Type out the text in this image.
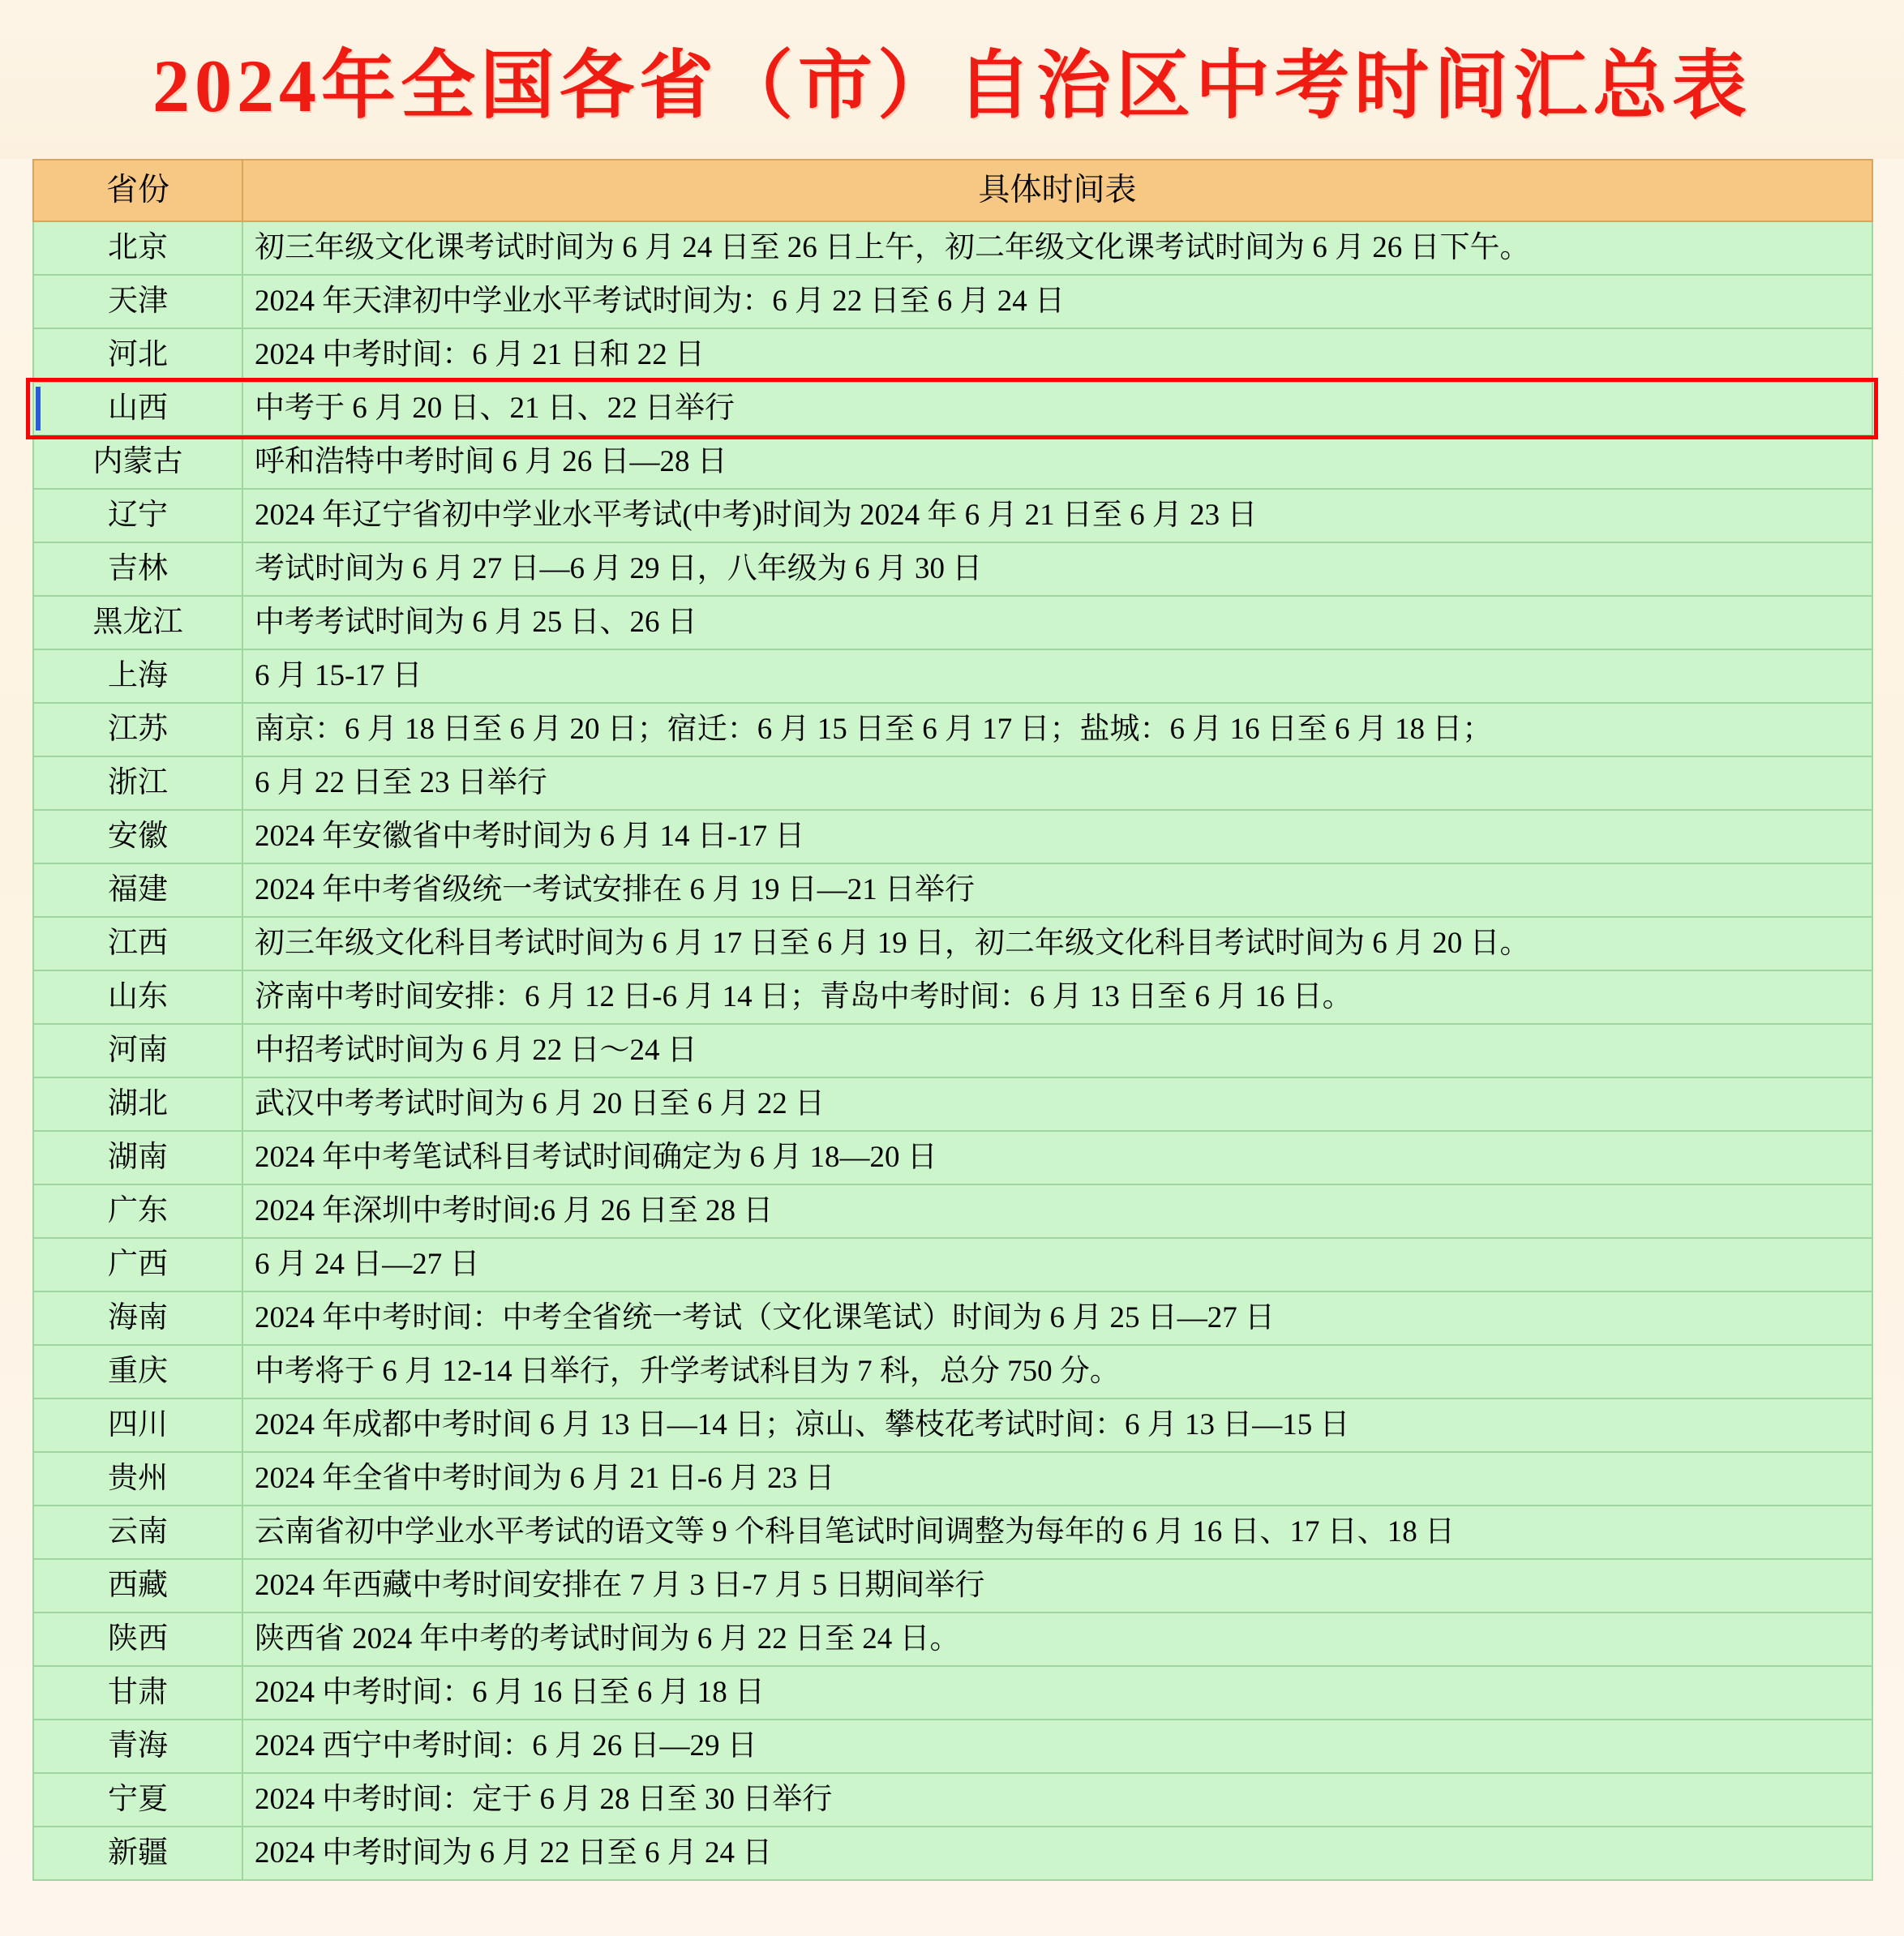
2024年全国各省（市）自治区中考时间汇总表
省份	具体时间表
北京	初三年级文化课考试时间为 6 月 24 日至 26 日上午，初二年级文化课考试时间为 6 月 26 日下午。
天津	2024 年天津初中学业水平考试时间为：6 月 22 日至 6 月 24 日
河北	2024 中考时间：6 月 21 日和 22 日
山西	中考于 6 月 20 日、21 日、22 日举行
内蒙古	呼和浩特中考时间 6 月 26 日—28 日
辽宁	2024 年辽宁省初中学业水平考试(中考)时间为 2024 年 6 月 21 日至 6 月 23 日
吉林	考试时间为 6 月 27 日—6 月 29 日，八年级为 6 月 30 日
黑龙江	中考考试时间为 6 月 25 日、26 日
上海	6 月 15-17 日
江苏	南京：6 月 18 日至 6 月 20 日；宿迁：6 月 15 日至 6 月 17 日；盐城：6 月 16 日至 6 月 18 日；
浙江	6 月 22 日至 23 日举行
安徽	2024 年安徽省中考时间为 6 月 14 日-17 日
福建	2024 年中考省级统一考试安排在 6 月 19 日—21 日举行
江西	初三年级文化科目考试时间为 6 月 17 日至 6 月 19 日，初二年级文化科目考试时间为 6 月 20 日。
山东	济南中考时间安排：6 月 12 日-6 月 14 日；青岛中考时间：6 月 13 日至 6 月 16 日。
河南	中招考试时间为 6 月 22 日～24 日
湖北	武汉中考考试时间为 6 月 20 日至 6 月 22 日
湖南	2024 年中考笔试科目考试时间确定为 6 月 18—20 日
广东	2024 年深圳中考时间:6 月 26 日至 28 日
广西	6 月 24 日—27 日
海南	2024 年中考时间：中考全省统一考试（文化课笔试）时间为 6 月 25 日—27 日
重庆	中考将于 6 月 12-14 日举行，升学考试科目为 7 科，总分 750 分。
四川	2024 年成都中考时间 6 月 13 日—14 日；凉山、攀枝花考试时间：6 月 13 日—15 日
贵州	2024 年全省中考时间为 6 月 21 日-6 月 23 日
云南	云南省初中学业水平考试的语文等 9 个科目笔试时间调整为每年的 6 月 16 日、17 日、18 日
西藏	2024 年西藏中考时间安排在 7 月 3 日-7 月 5 日期间举行
陕西	陕西省 2024 年中考的考试时间为 6 月 22 日至 24 日。
甘肃	2024 中考时间：6 月 16 日至 6 月 18 日
青海	2024 西宁中考时间：6 月 26 日—29 日
宁夏	2024 中考时间：定于 6 月 28 日至 30 日举行
新疆	2024 中考时间为 6 月 22 日至 6 月 24 日
